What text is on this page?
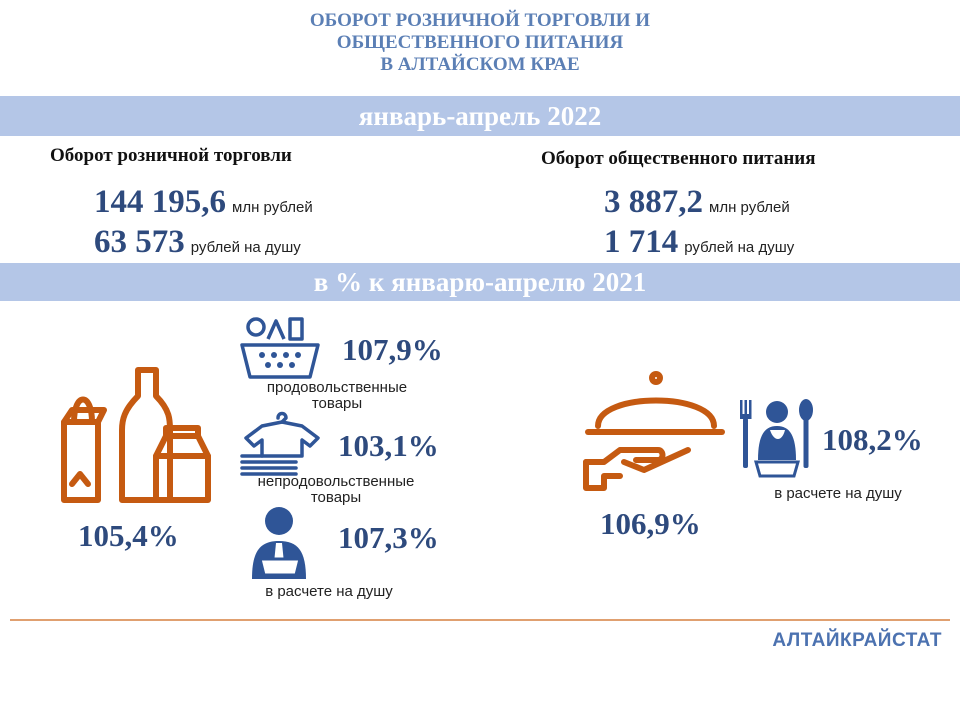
ОБОРОТ РОЗНИЧНОЙ ТОРГОВЛИ И
ОБЩЕСТВЕННОГО ПИТАНИЯ
В АЛТАЙСКОМ КРАЕ
январь-апрель 2022
Оборот розничной торговли	Оборот общественного питания
144 195,6 млн рублей
63 573 рублей на душу
3 887,2 млн рублей
1 714 рублей на душу
в % к январю-апрелю 2021
105,4%
107,9%
продовольственные
товары
103,1%
непродовольственные
товары
107,3%
в расчете на душу
106,9%
108,2%
в расчете на душу
АЛТАЙКРАЙСТАТ
